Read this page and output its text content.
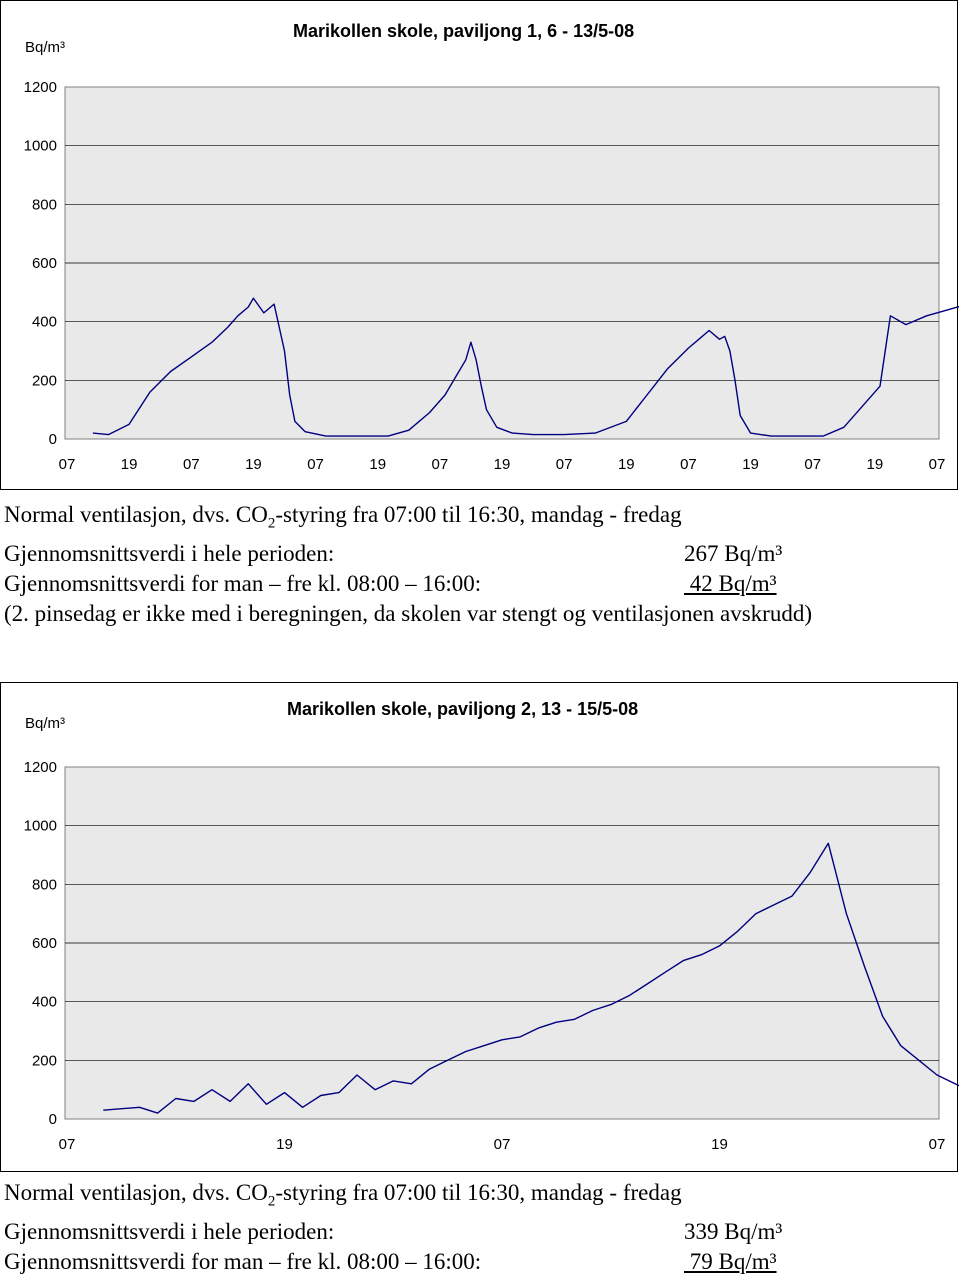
Bq/m³
Marikollen skole, paviljong 1, 6 - 13/5-08
1200
1000
800
600
400
200
0
07	19	07	19	07	19	07	19	07	19	07	19	07	19	07
Normal ventilasjon, dvs. $CO_2$-styring fra 07:00 til 16:30, mandag - fredag
Gjennomsnittsverdi i hele perioden:	267 Bq/m³
Gjennomsnittsverdi for man – fre kl. 08:00 – 16:00:	42 Bq/m³
(2. pinsedag er ikke med i beregningen, da skolen var stengt og ventilasjonen avskrudd)
Bq/m³
Marikollen skole, paviljong 2, 13 - 15/5-08
1200
1000
800
600
400
200
0
07	19	07	19	07
Normal ventilasjon, dvs. $CO_2$-styring fra 07:00 til 16:30, mandag - fredag
Gjennomsnittsverdi i hele perioden:	339 Bq/m³
Gjennomsnittsverdi for man – fre kl. 08:00 – 16:00:	79 Bq/m³
